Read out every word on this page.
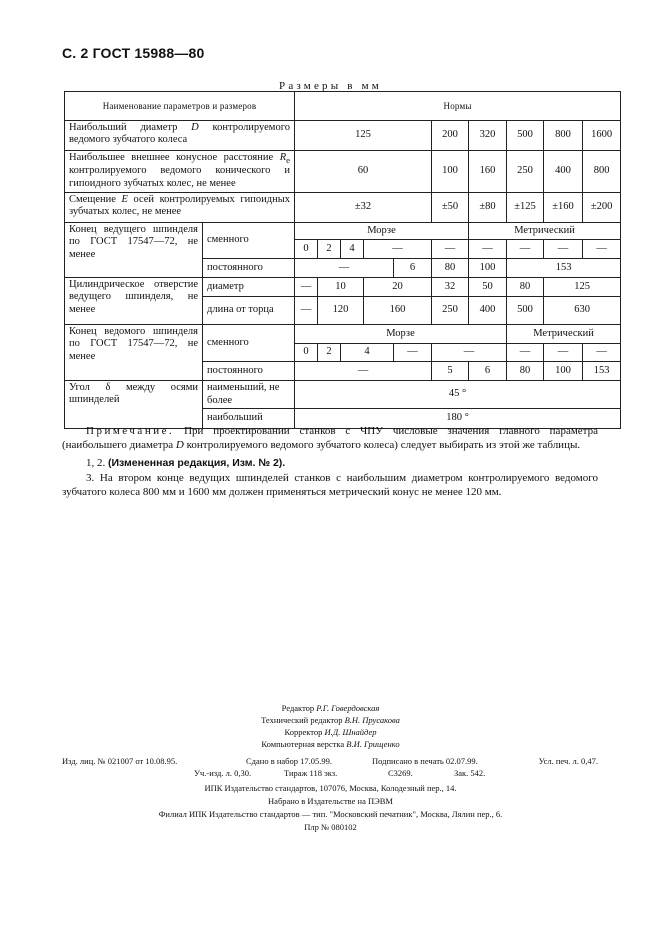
С. 2 ГОСТ 15988—80
Размеры в мм
Наименование параметров и размеров		Нормы									
Наибольший диаметр D контролируемого ведомого зубчатого колеса		125					200	320	500	800	1600
Наибольшее внешнее конусное расстояние $R_e$ контролируемого ведомого конического и гипоидного зубчатых колес, не менее		60					100	160	250	400	800
Смещение E осей контролируемых гипоидных зубчатых колес, не менее		±32					±50	±80	±125	±160	±200
Конец ведущего шпинделя по ГОСТ 17547—72, не менее	сменного	Морзе						Метрический			
		0	2	4	—		—	—	—	—	—
	постоянного	—				6	80	100	153		
Цилиндрическое отверстие ведущего шпинделя, не менее	диаметр	—	10		20		32	50	80	125	
	длина от торца	—	120		160		250	400	500	630	
Конец ведомого шпинделя по ГОСТ 17547—72, не менее	сменного	Морзе							Метрический		
		0	2	4		—	—		—	—	—
	постоянного	—					5	6	80	100	153
Угол δ между осями шпинделей	наименьший, не более	45 °									
	наибольший	180 °									
Примечание. При проектировании станков с ЧПУ числовые значения главного параметра (наибольшего диаметра D контролируемого ведомого зубчатого колеса) следует выбирать из этой же таблицы.
1, 2. (Измененная редакция, Изм. № 2).
3. На втором конце ведущих шпинделей станков с наибольшим диаметром контролируемого ведомого зубчатого колеса 800 мм и 1600 мм должен применяться метрический конус не менее 120 мм.
Редактор Р.Г. Говердовская
Технический редактор В.Н. Прусакова
Корректор И.Д. Шнайдер
Компьютерная верстка В.И. Грищенко
Изд. лиц. № 021007 от 10.08.95.	Сдано в набор 17.05.99.	Подписано в печать 02.07.99.	Усл. печ. л. 0,47.
Уч.-изд. л. 0,30.	Тираж 118 экз.	С3269.	Зак. 542.
ИПК Издательство стандартов, 107076, Москва, Колодезный пер., 14.
Набрано в Издательстве на ПЭВМ
Филиал ИПК Издательство стандартов — тип. "Московский печатник", Москва, Лялин пер., 6.
Плр № 080102
